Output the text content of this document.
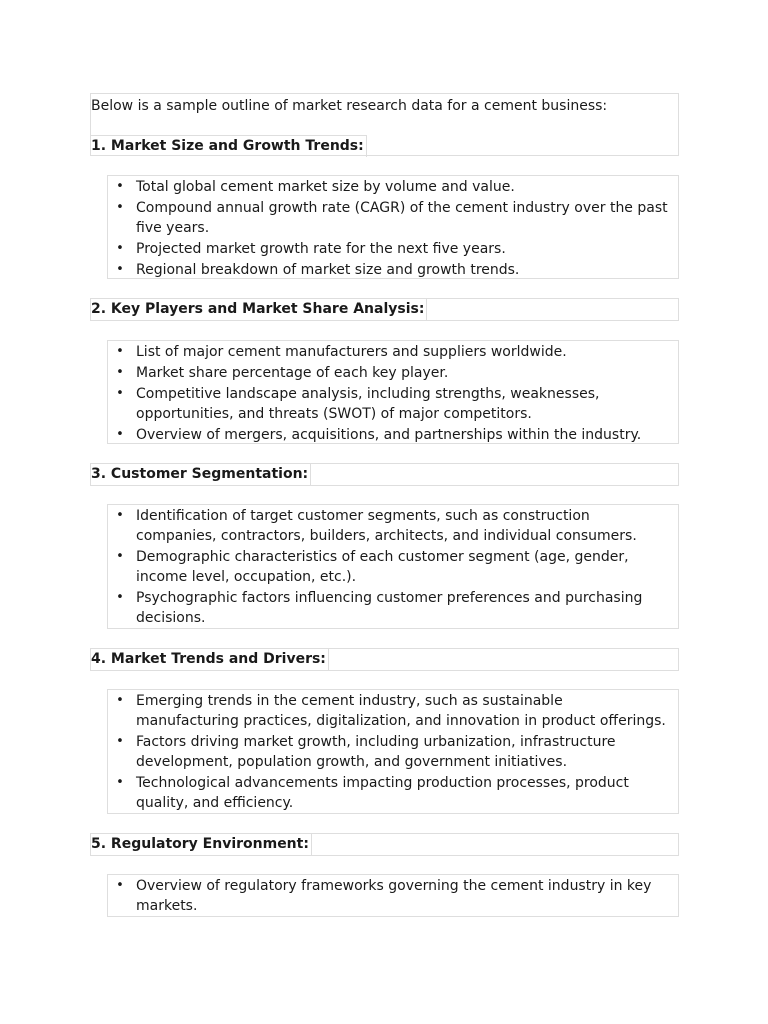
Below is a sample outline of market research data for a cement business:
1. Market Size and Growth Trends:
• Total global cement market size by volume and value.
• Compound annual growth rate (CAGR) of the cement industry over the past five years.
• Projected market growth rate for the next five years.
• Regional breakdown of market size and growth trends.
2. Key Players and Market Share Analysis:
• List of major cement manufacturers and suppliers worldwide.
• Market share percentage of each key player.
• Competitive landscape analysis, including strengths, weaknesses, opportunities, and threats (SWOT) of major competitors.
• Overview of mergers, acquisitions, and partnerships within the industry.
3. Customer Segmentation:
• Identification of target customer segments, such as construction companies, contractors, builders, architects, and individual consumers.
• Demographic characteristics of each customer segment (age, gender, income level, occupation, etc.).
• Psychographic factors influencing customer preferences and purchasing decisions.
4. Market Trends and Drivers:
• Emerging trends in the cement industry, such as sustainable manufacturing practices, digitalization, and innovation in product offerings.
• Factors driving market growth, including urbanization, infrastructure development, population growth, and government initiatives.
• Technological advancements impacting production processes, product quality, and efficiency.
5. Regulatory Environment:
• Overview of regulatory frameworks governing the cement industry in key markets.
